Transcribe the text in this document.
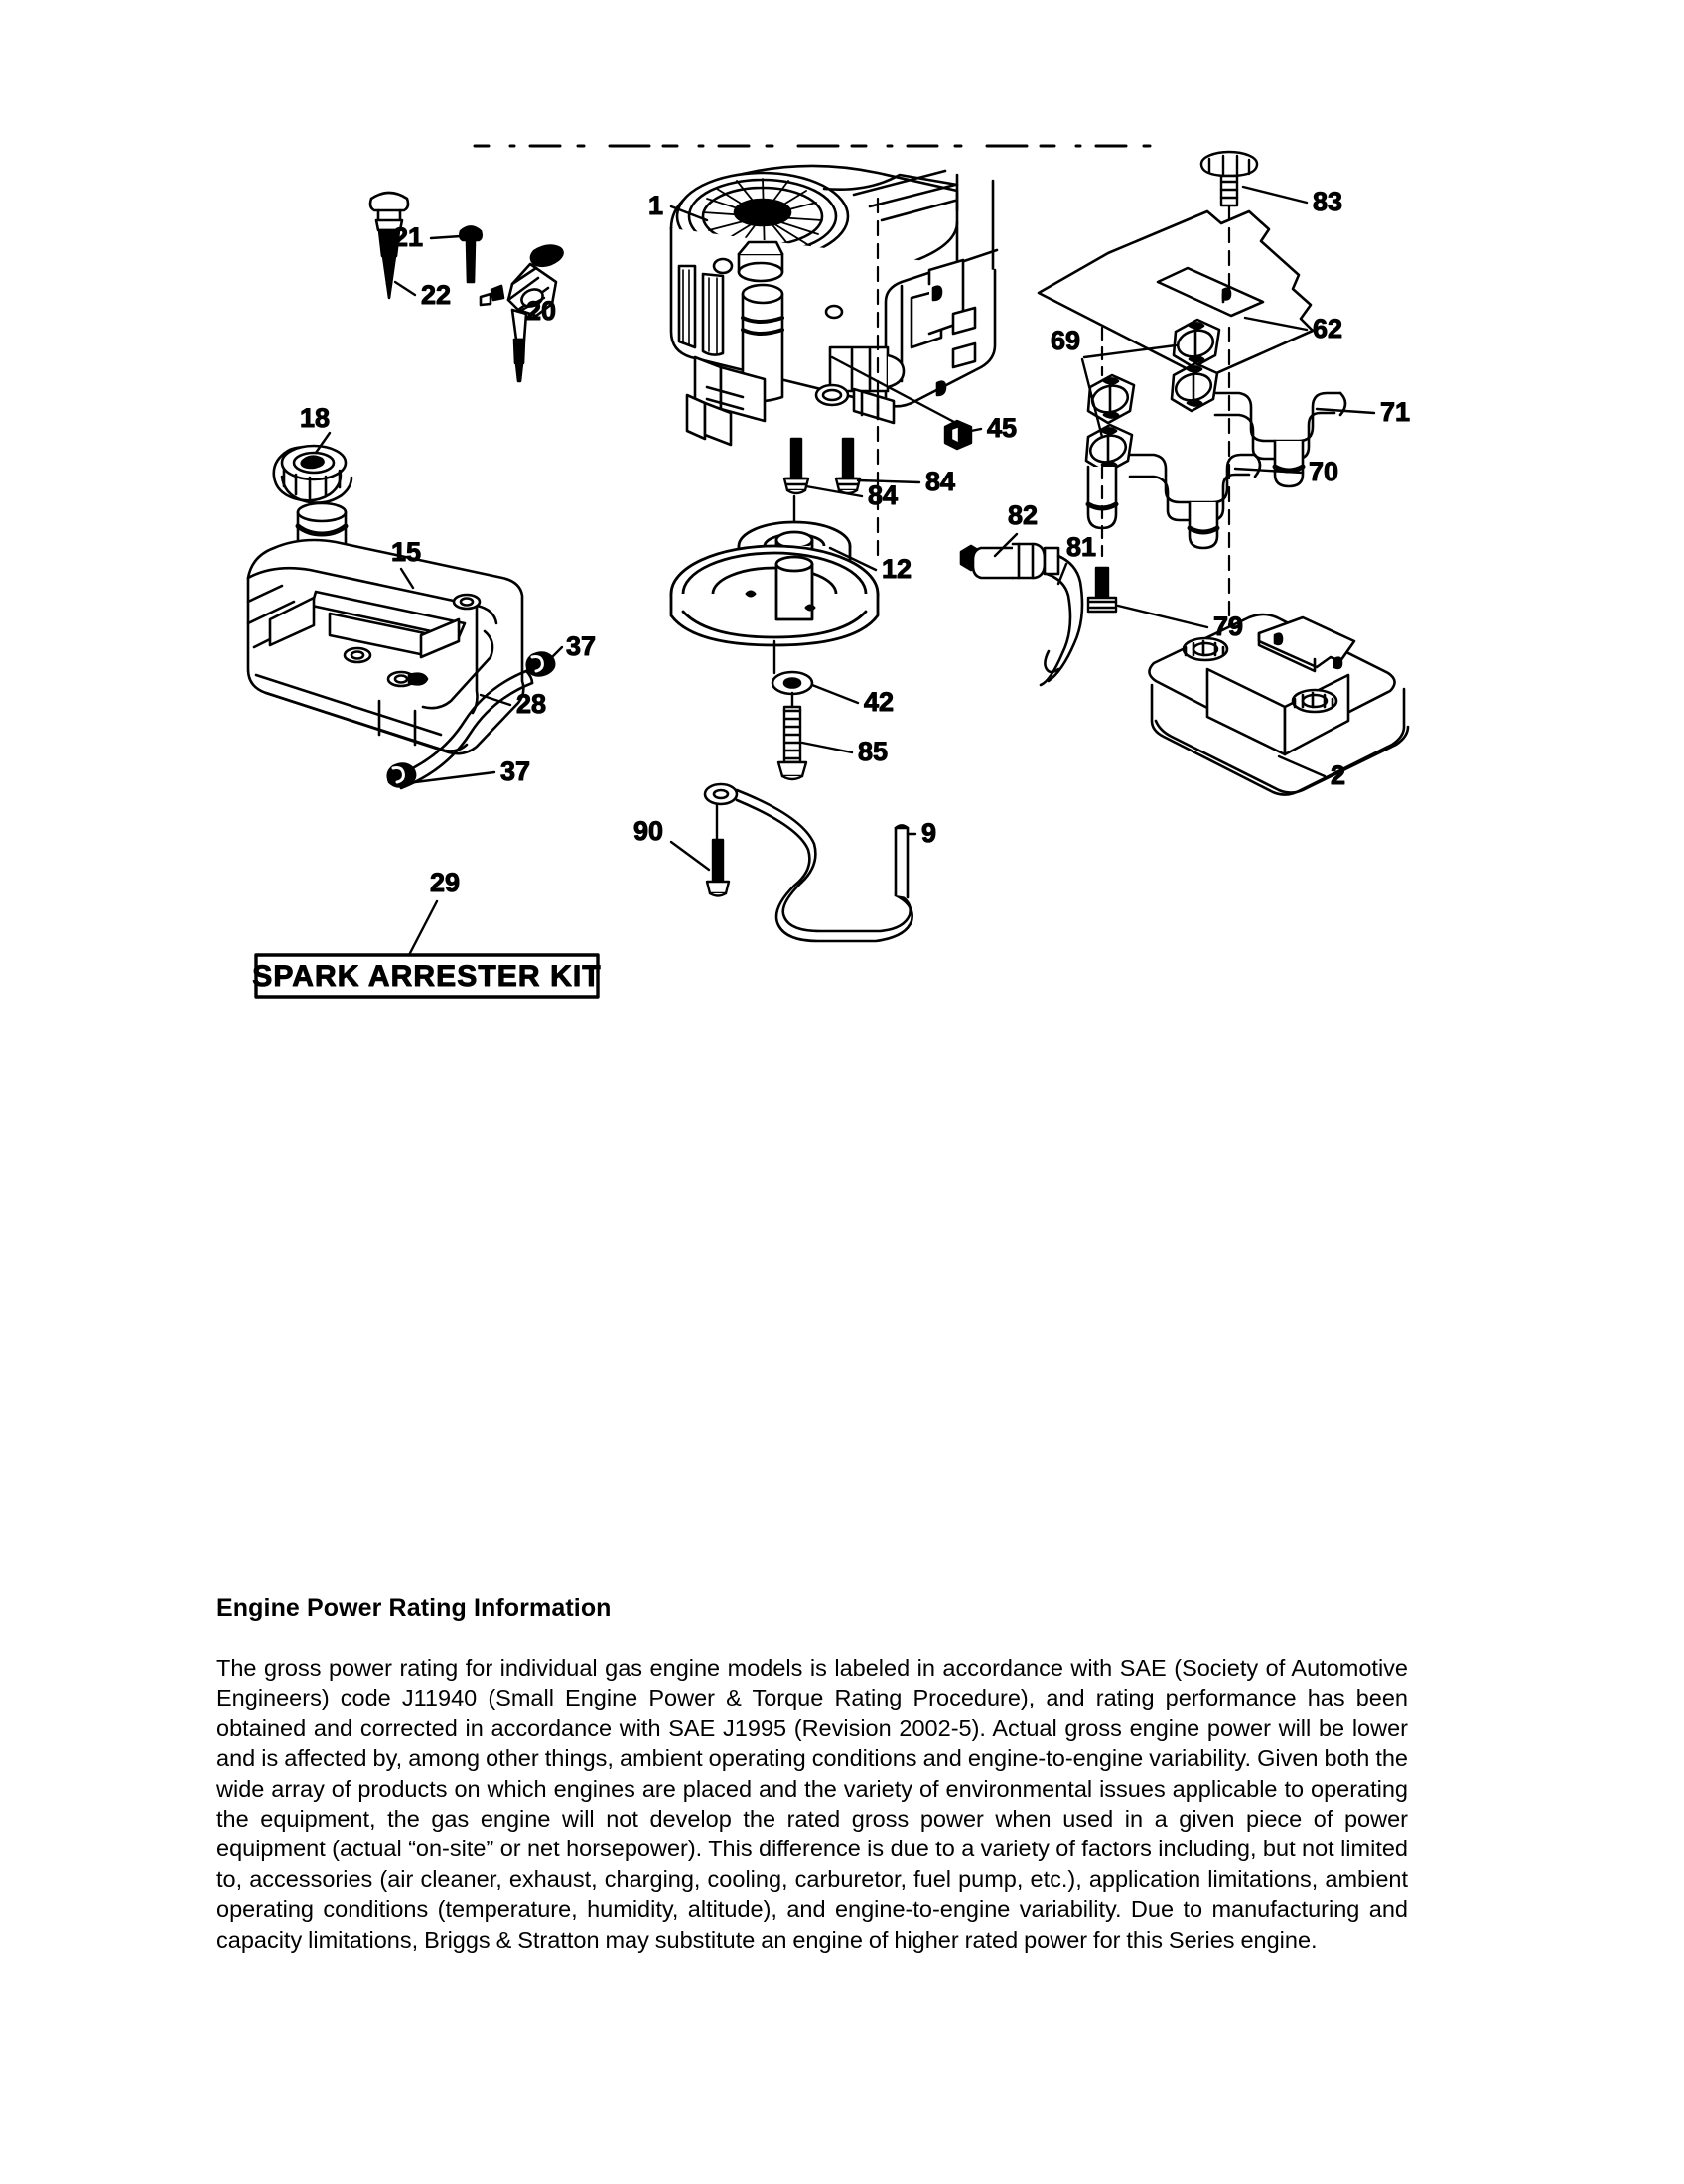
21
22
20
18
15
37
28
37
29
SPARK ARRESTER KIT
1
45
84 84
12
42
85
9
90
83
62
69
71
70
79
2
82
81
Engine Power Rating Information

The gross power rating for individual gas engine models is labeled in accordance with SAE (Society of Automotive Engineers) code J11940 (Small Engine Power & Torque Rating Procedure), and rating performance has been obtained and corrected in accordance with SAE J1995 (Revision 2002-5). Actual gross engine power will be lower and is affected by, among other things, ambient operating conditions and engine-to-engine variability. Given both the wide array of products on which engines are placed and the variety of environmental issues applicable to operating the equipment, the gas engine will not develop the rated gross power when used in a given piece of power equipment (actual “on-site” or net horsepower). This difference is due to a variety of factors including, but not limited to, accessories (air cleaner, exhaust, charging, cooling, carburetor, fuel pump, etc.), application limitations, ambient operating conditions (temperature, humidity, altitude), and engine-to-engine variability. Due to manufacturing and capacity limitations, Briggs & Stratton may substitute an engine of higher rated power for this Series engine.
